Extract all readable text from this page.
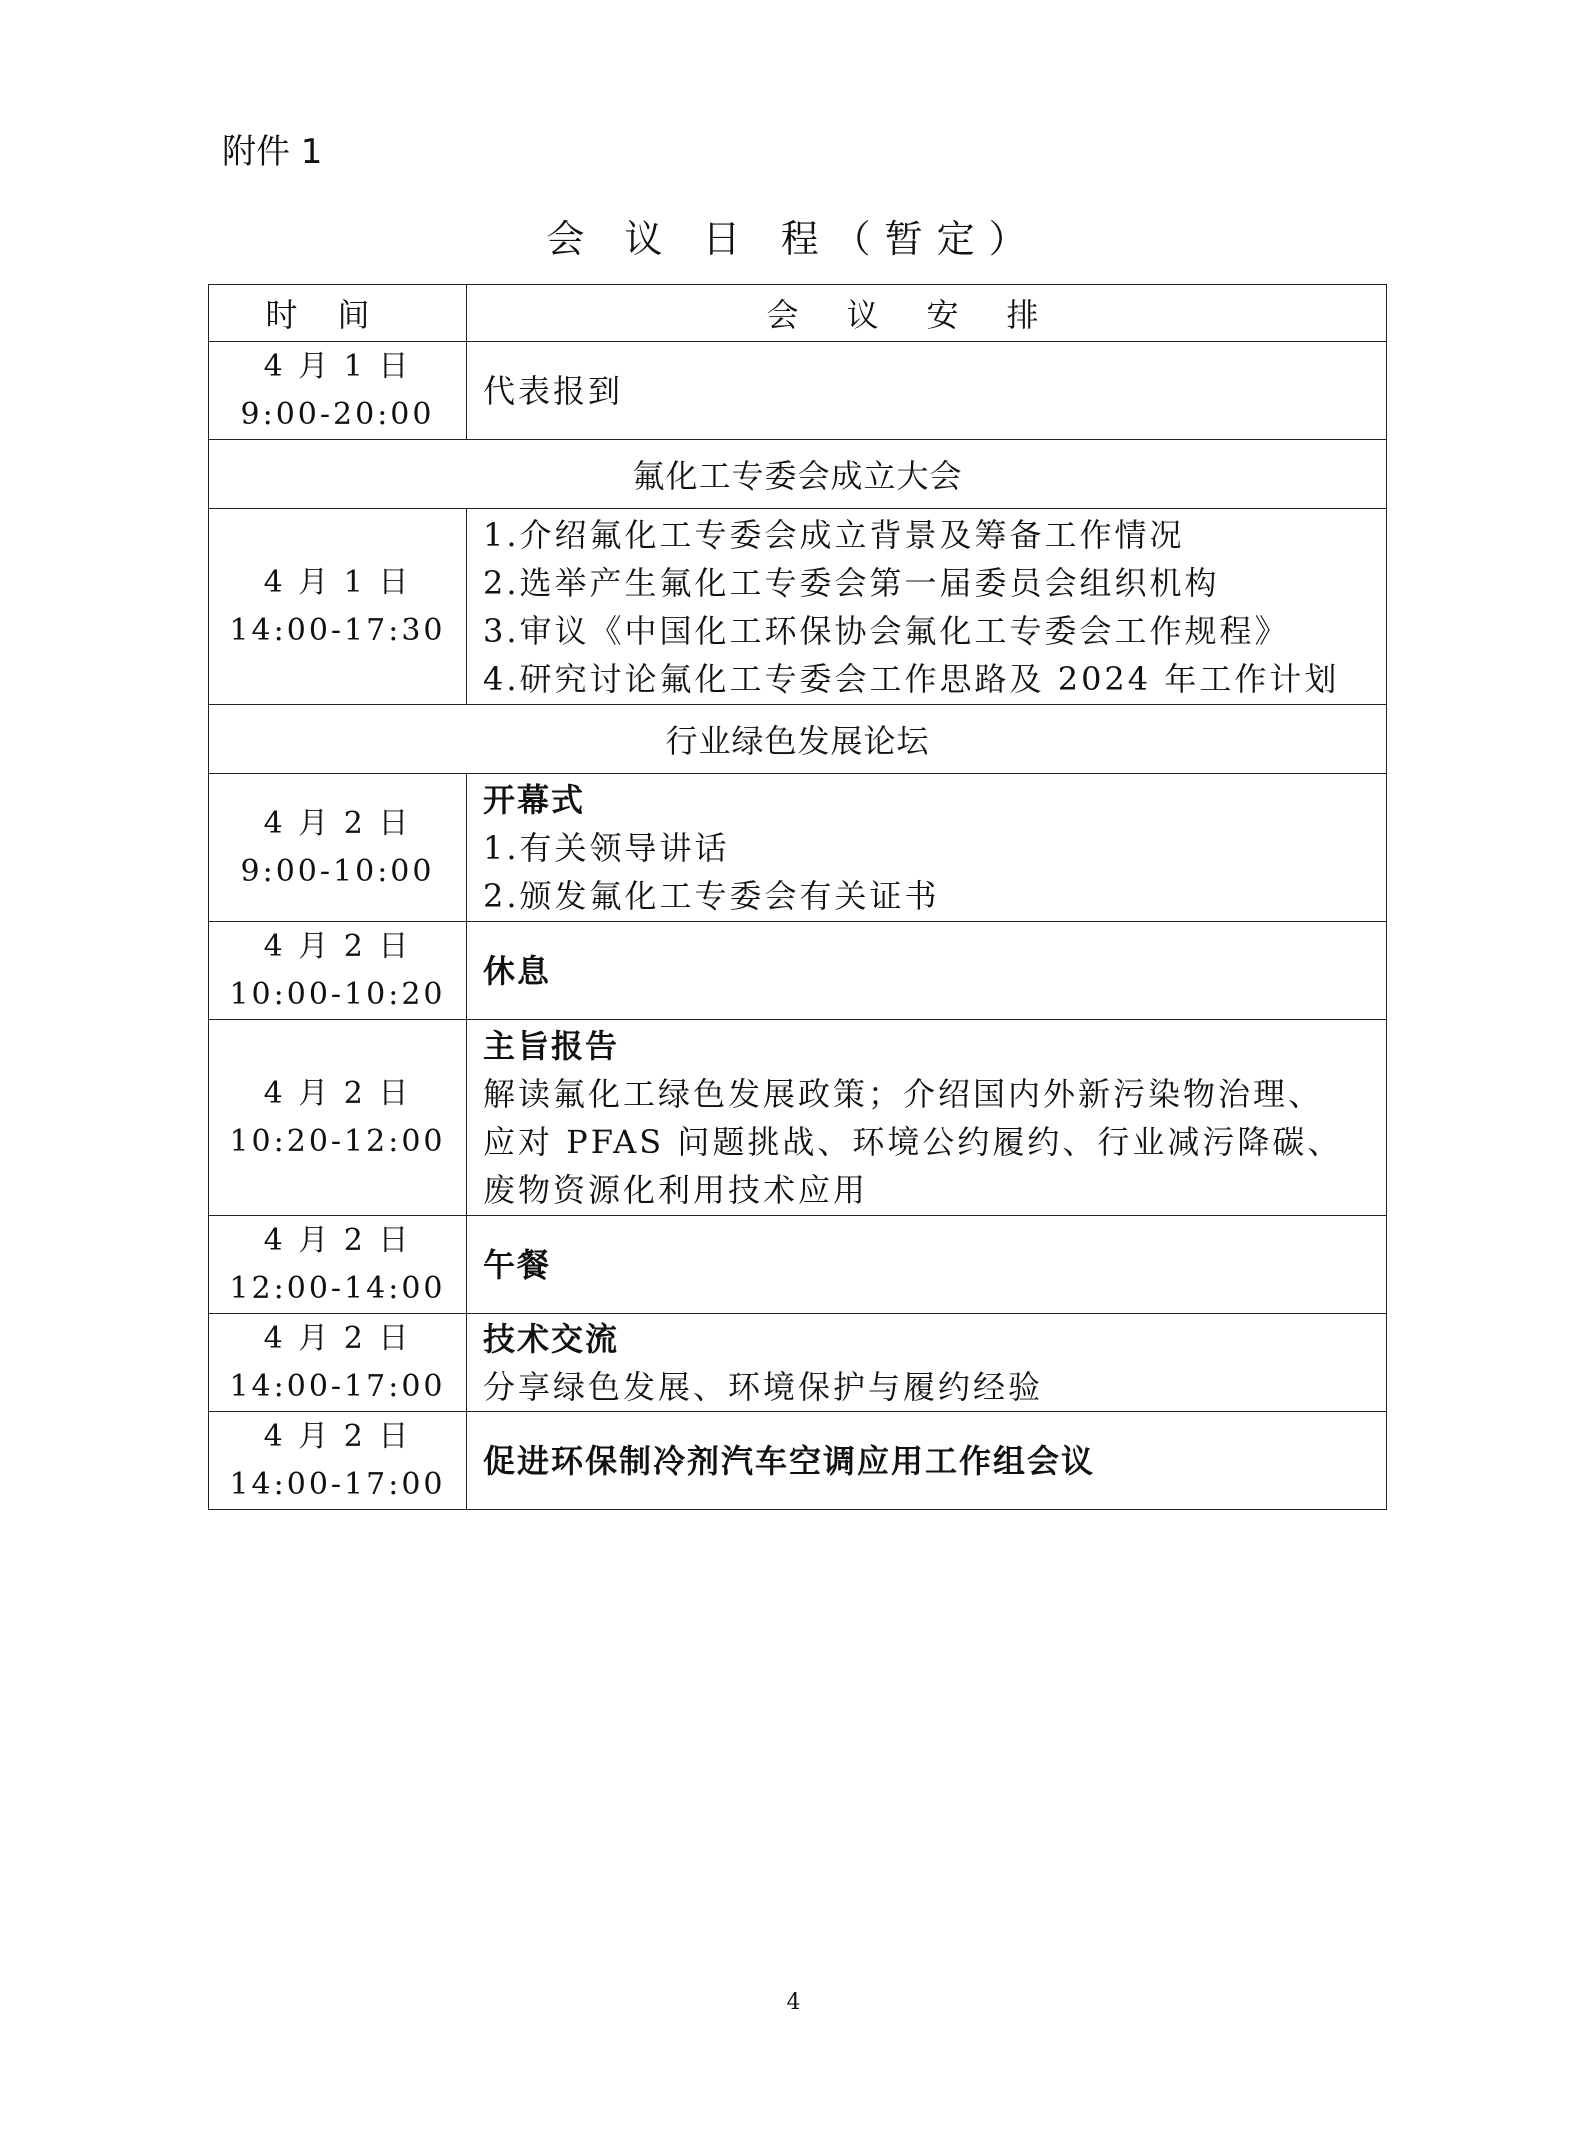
附件 1
会 议 日 程（暂定）
时间	会议安排

4 月 1 日
9:00-20:00	代表报到

氟化工专委会成立大会	

4 月 1 日
14:00-17:30	1.介绍氟化工专委会成立背景及筹备工作情况
2.选举产生氟化工专委会第一届委员会组织机构
3.审议《中国化工环保协会氟化工专委会工作规程》
4.研究讨论氟化工专委会工作思路及 2024 年工作计划

行业绿色发展论坛	

4 月 2 日
9:00-10:00	开幕式
1.有关领导讲话
2.颁发氟化工专委会有关证书

4 月 2 日
10:00-10:20	休息

4 月 2 日
10:20-12:00	主旨报告
解读氟化工绿色发展政策；介绍国内外新污染物治理、
应对 PFAS 问题挑战、环境公约履约、行业减污降碳、
废物资源化利用技术应用

4 月 2 日
12:00-14:00	午餐

4 月 2 日
14:00-17:00	技术交流
分享绿色发展、环境保护与履约经验

4 月 2 日
14:00-17:00	促进环保制冷剂汽车空调应用工作组会议
4
